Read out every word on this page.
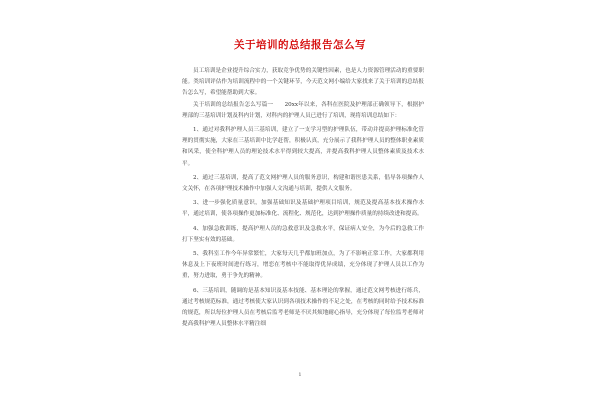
关于培训的总结报告怎么写

员工培训是企业提升综合实力，获取竞争优势的关键性因素，也是人力资源管理活动的重要职能。类培训评估作为培训流程中的一个关键环节，今天范文网小编给大家找来了关于培训的总结报告怎么写，希望能帮助到大家。

关于培训的总结报告怎么写篇一　　20xx年以来，各科在医院及护理部正确领导下，根据护理部的三基培训计划及科内计划，对科内的护理人员已进行了培训，现将培训总结如下：

1、通过对我科护理人员三基培训，建立了一支学习型的护理队伍，带动并提高护理标准化管理的贯彻实施，大家在三基培训中比学赶帮，积极认真，充分展示了我科护理人员的整体职业素质和风采，使全科护理人员的理论技术水平得到较大提高，并提高我科护理人员整体素质及技术水平。

2、通过三基培训，提高了范文网护理人员的服务意识，构建和谐医患关系，倡导各项操作人文关怀，在各项护理技术操作中加强人文沟通与培训，提供人文服务。

3、进一步强化质量意识，加强基础知识及基础护理项目培训，规范及提高基本技术操作水平，通过培训，使各项操作更加标准化、流程化、规范化，达到护理操作质量的持续改进和提高。

4、加强急救训练，提高护理人员的急救意识及急救水平，保证病人安全，为今后的急救工作打下坚实有效的基础。

5、我科室工作今年异常繁忙，大家每天几乎都加班加点，为了不影响正常工作，大家都利用休息及上下夜班时间进行练习，增恋在考核中不能取得优异成绩，充分体现了护理人员以工作为重，努力进取，勇于争先的精神。

6、三基培训，随调的是基本知识及基本技能、基本理论的掌握，通过范文网考核进行练兵，通过考核规范标准，通过考核使大家认识到各项技术操作的不足之处，在考核的同时给予技术标准的规范，所以每位护理人员在考核后监考老师是不厌其烦地耐心指导，充分体现了每位监考老师对提高我科护理人员整体水平精注细

1
